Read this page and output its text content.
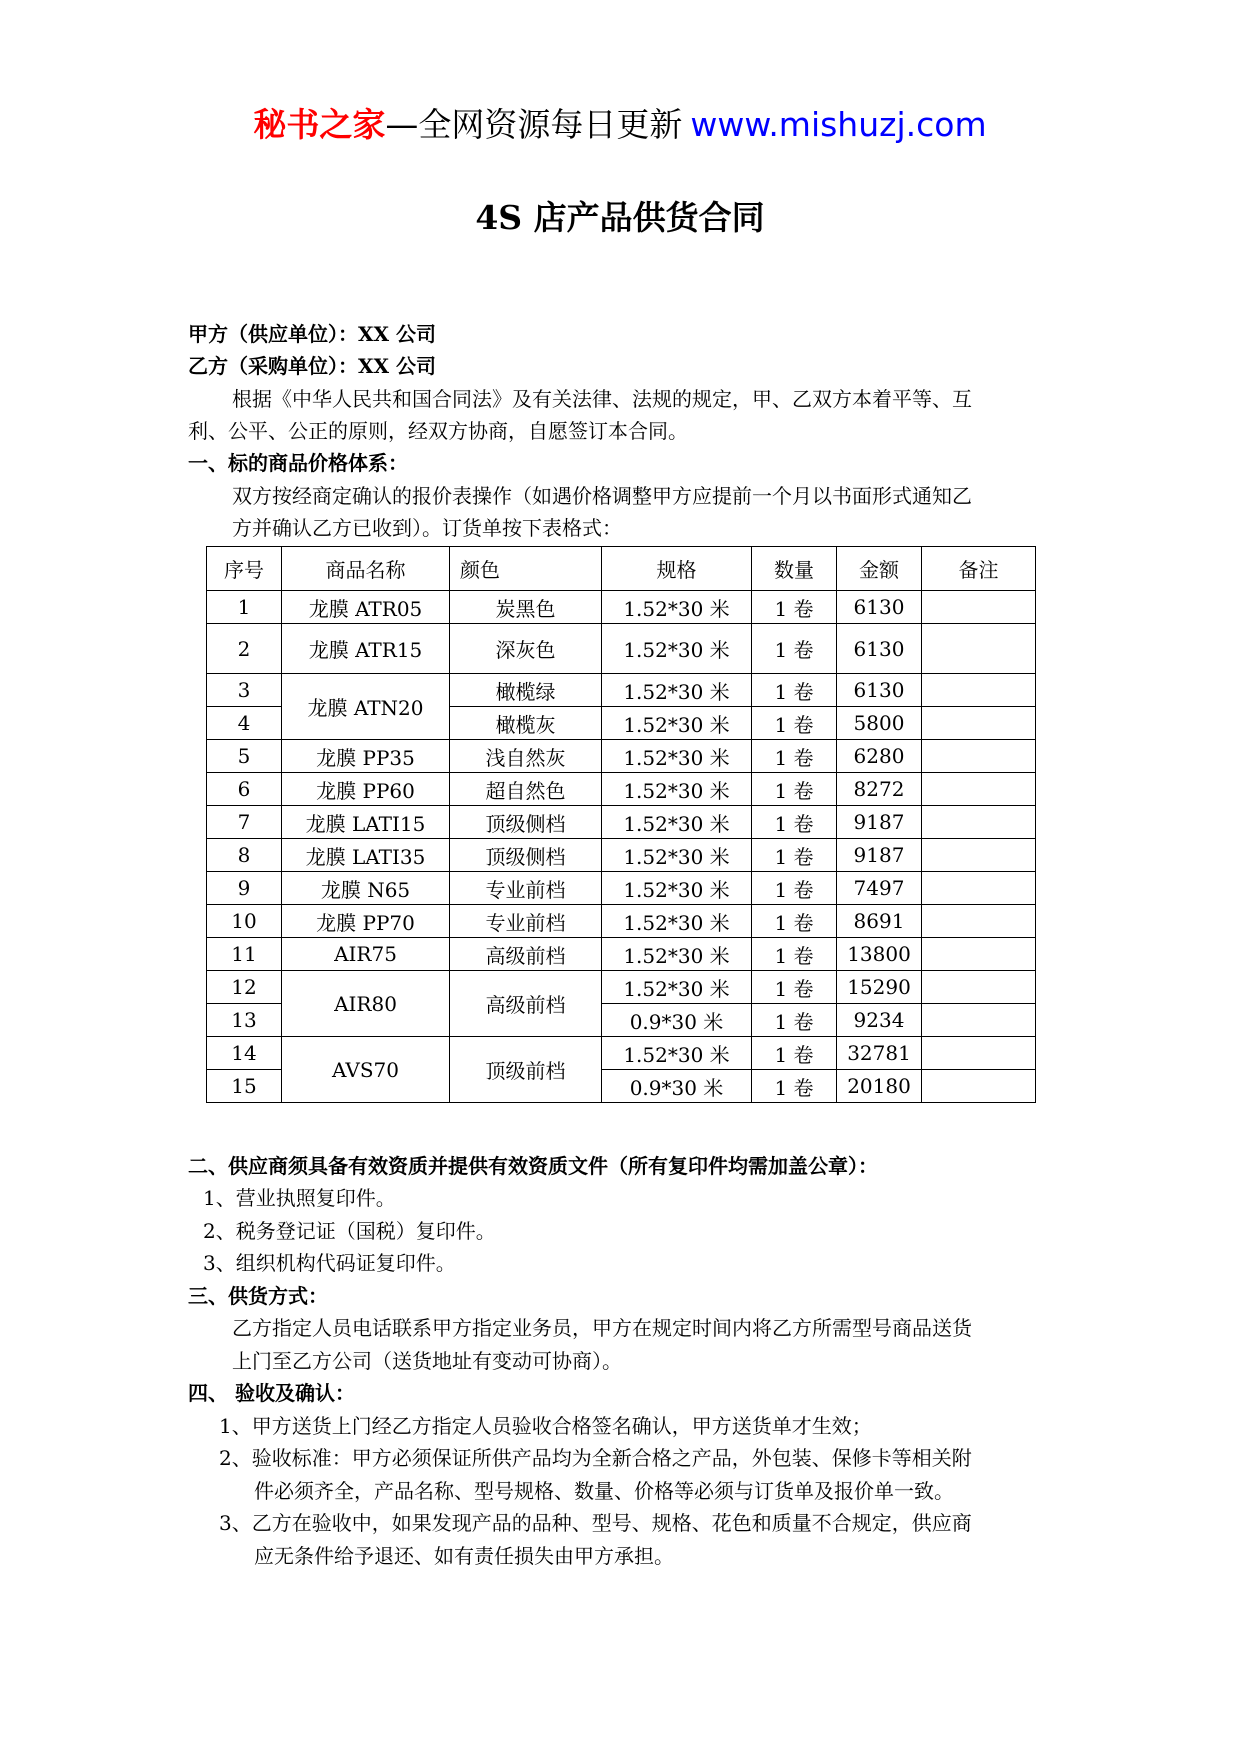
秘书之家—全网资源每日更新 www.mishuzj.com
4S 店产品供货合同
甲方（供应单位）：XX 公司
乙方（采购单位）：XX 公司
根据《中华人民共和国合同法》及有关法律、法规的规定，甲、乙双方本着平等、互
利、公平、公正的原则，经双方协商，自愿签订本合同。
一、标的商品价格体系：
双方按经商定确认的报价表操作（如遇价格调整甲方应提前一个月以书面形式通知乙
方并确认乙方已收到）。订货单按下表格式：
序号	商品名称	颜色	规格	数量	金额	备注
1	龙膜 ATR05	炭黑色	1.52*30 米	1 卷	6130	
2	龙膜 ATR15	深灰色	1.52*30 米	1 卷	6130	
3	龙膜 ATN20	橄榄绿	1.52*30 米	1 卷	6130	
4		橄榄灰	1.52*30 米	1 卷	5800	
5	龙膜 PP35	浅自然灰	1.52*30 米	1 卷	6280	
6	龙膜 PP60	超自然色	1.52*30 米	1 卷	8272	
7	龙膜 LATI15	顶级侧档	1.52*30 米	1 卷	9187	
8	龙膜 LATI35	顶级侧档	1.52*30 米	1 卷	9187	
9	龙膜 N65	专业前档	1.52*30 米	1 卷	7497	
10	龙膜 PP70	专业前档	1.52*30 米	1 卷	8691	
11	AIR75	高级前档	1.52*30 米	1 卷	13800	
12	AIR80	高级前档	1.52*30 米	1 卷	15290	
13			0.9*30 米	1 卷	9234	
14	AVS70	顶级前档	1.52*30 米	1 卷	32781	
15			0.9*30 米	1 卷	20180	
二、供应商须具备有效资质并提供有效资质文件（所有复印件均需加盖公章）：
1、营业执照复印件。
2、税务登记证（国税）复印件。
3、组织机构代码证复印件。
三、供货方式：
乙方指定人员电话联系甲方指定业务员，甲方在规定时间内将乙方所需型号商品送货
上门至乙方公司（送货地址有变动可协商）。
四、 验收及确认：
1、甲方送货上门经乙方指定人员验收合格签名确认，甲方送货单才生效；
2、验收标准：甲方必须保证所供产品均为全新合格之产品，外包装、保修卡等相关附
件必须齐全，产品名称、型号规格、数量、价格等必须与订货单及报价单一致。
3、乙方在验收中，如果发现产品的品种、型号、规格、花色和质量不合规定，供应商
应无条件给予退还、如有责任损失由甲方承担。
